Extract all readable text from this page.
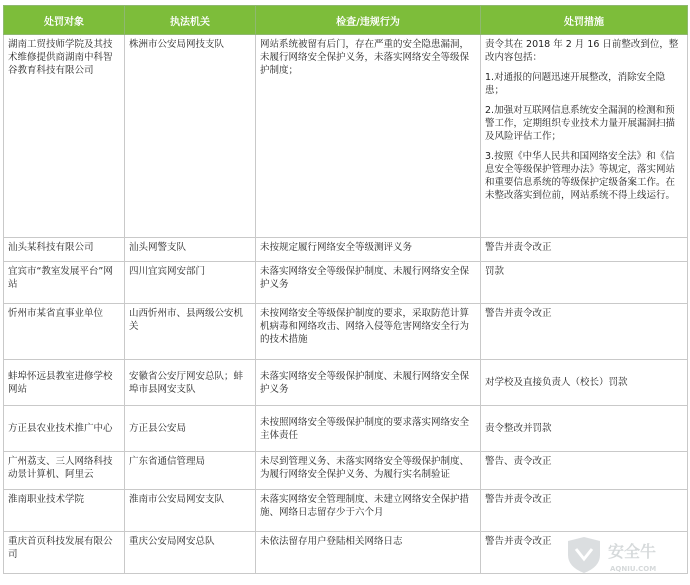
处罚对象	执法机关	检查/违规行为	处罚措施
湖南工贸技师学院及其技术维修提供商湖南中科智谷教育科技有限公司	株洲市公安局网技支队	网站系统被留有后门，存在严重的安全隐患漏洞，未履行网络安全保护义务，未落实网络安全等级保护制度；	责令其在 2018 年 2 月 16 日前整改到位，整改内容包括：

1.对通报的问题迅速开展整改，消除安全隐患；

2.加强对互联网信息系统安全漏洞的检测和预警工作，定期组织专业技术力量开展漏洞扫描及风险评估工作；

3.按照《中华人民共和国网络安全法》和《信息安全等级保护管理办法》等规定，落实网站和重要信息系统的等级保护定级备案工作。在未整改落实到位前，网站系统不得上线运行。

汕头某科技有限公司	汕头网警支队	未按规定履行网络安全等级测评义务	警告并责令改正
宜宾市“教室发展平台”网站	四川宜宾网安部门	未落实网络安全等级保护制度、未履行网络安全保护义务	罚款
忻州市某省直事业单位	山西忻州市、县两级公安机关	未按网络安全等级保护制度的要求，采取防范计算机病毒和网络攻击、网络入侵等危害网络安全行为的技术措施	警告并责令改正
蚌埠怀远县教室进修学校网站	安徽省公安厅网安总队；蚌埠市县网安支队	未落实网络安全等级保护制度、未履行网络安全保护义务	对学校及直接负责人（校长）罚款
方正县农业技术推广中心	方正县公安局	未按照网络安全等级保护制度的要求落实网络安全主体责任	责令整改并罚款
广州荔支、三人网络科技动景计算机、阿里云	广东省通信管理局	未尽到管理义务、未落实网络安全等级保护制度、为履行网络安全保护义务、为履行实名制验证	警告、责令改正
淮南职业技术学院	淮南市公安局网安支队	未落实网络安全管理制度、未建立网络安全保护措施、网络日志留存少于六个月	警告并责令改正
重庆首页科技发展有限公司	重庆公安局网安总队	未依法留存用户登陆相关网络日志	警告并责令改正
安全牛
AQNIU.COM
